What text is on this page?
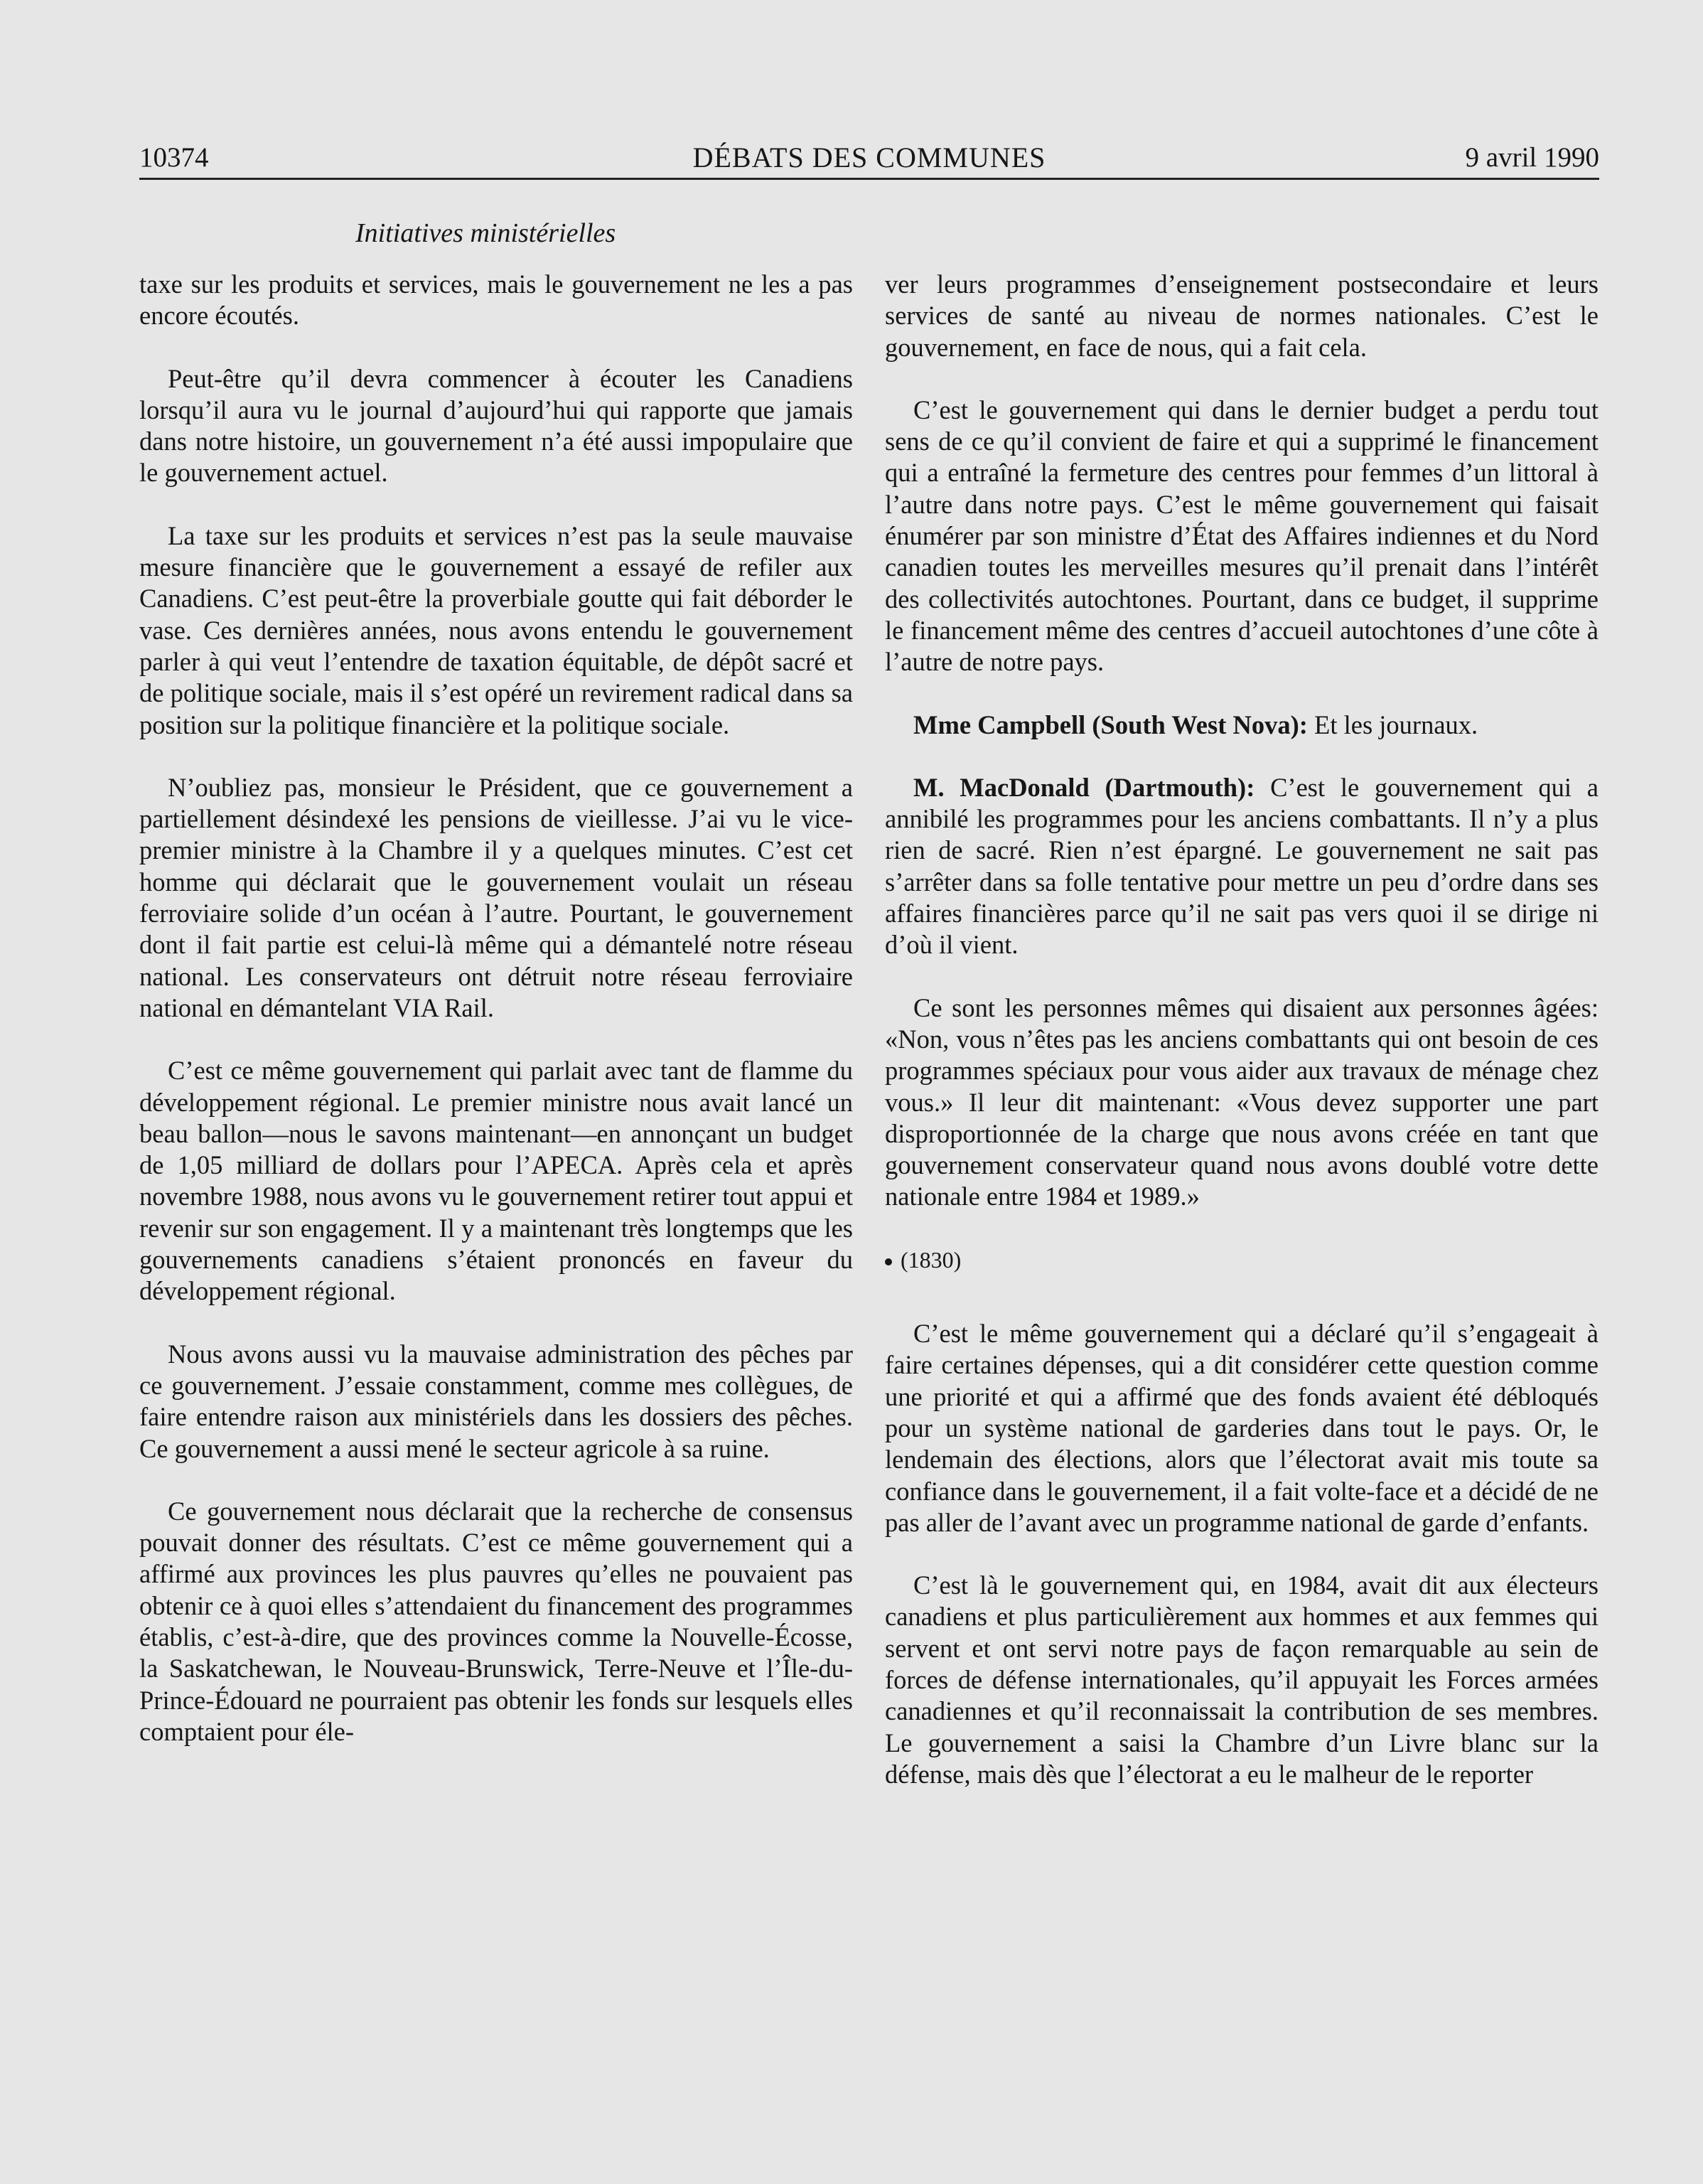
10374	DÉBATS DES COMMUNES	9 avril 1990
Initiatives ministérielles

taxe sur les produits et services, mais le gouvernement ne les a pas encore écoutés.

Peut-être qu’il devra commencer à écouter les Canadiens lorsqu’il aura vu le journal d’aujourd’hui qui rapporte que jamais dans notre histoire, un gouvernement n’a été aussi impopulaire que le gouvernement actuel.

La taxe sur les produits et services n’est pas la seule mauvaise mesure financière que le gouvernement a essayé de refiler aux Canadiens. C’est peut-être la proverbiale goutte qui fait déborder le vase. Ces dernières années, nous avons entendu le gouvernement parler à qui veut l’entendre de taxation équitable, de dépôt sacré et de politique sociale, mais il s’est opéré un revirement radical dans sa position sur la politique financière et la politique sociale.

N’oubliez pas, monsieur le Président, que ce gouvernement a partiellement désindexé les pensions de vieillesse. J’ai vu le vice-premier ministre à la Chambre il y a quelques minutes. C’est cet homme qui déclarait que le gouvernement voulait un réseau ferroviaire solide d’un océan à l’autre. Pourtant, le gouvernement dont il fait partie est celui-là même qui a démantelé notre réseau national. Les conservateurs ont détruit notre réseau ferroviaire national en démantelant VIA Rail.

C’est ce même gouvernement qui parlait avec tant de flamme du développement régional. Le premier ministre nous avait lancé un beau ballon—nous le savons maintenant—en annonçant un budget de 1,05 milliard de dollars pour l’APECA. Après cela et après novembre 1988, nous avons vu le gouvernement retirer tout appui et revenir sur son engagement. Il y a maintenant très longtemps que les gouvernements canadiens s’étaient prononcés en faveur du développement régional.

Nous avons aussi vu la mauvaise administration des pêches par ce gouvernement. J’essaie constamment, comme mes collègues, de faire entendre raison aux ministériels dans les dossiers des pêches. Ce gouvernement a aussi mené le secteur agricole à sa ruine.

Ce gouvernement nous déclarait que la recherche de consensus pouvait donner des résultats. C’est ce même gouvernement qui a affirmé aux provinces les plus pauvres qu’elles ne pouvaient pas obtenir ce à quoi elles s’attendaient du financement des programmes établis, c’est-à-dire, que des provinces comme la Nouvelle-Écosse, la Saskatchewan, le Nouveau-Brunswick, Terre-Neuve et l’Île-du-Prince-Édouard ne pourraient pas obtenir les fonds sur lesquels elles comptaient pour éle-

ver leurs programmes d’enseignement postsecondaire et leurs services de santé au niveau de normes nationales. C’est le gouvernement, en face de nous, qui a fait cela.

C’est le gouvernement qui dans le dernier budget a perdu tout sens de ce qu’il convient de faire et qui a supprimé le financement qui a entraîné la fermeture des centres pour femmes d’un littoral à l’autre dans notre pays. C’est le même gouvernement qui faisait énumérer par son ministre d’État des Affaires indiennes et du Nord canadien toutes les merveilles mesures qu’il prenait dans l’intérêt des collectivités autochtones. Pourtant, dans ce budget, il supprime le financement même des centres d’accueil autochtones d’une côte à l’autre de notre pays.

Mme Campbell (South West Nova): Et les journaux.

M. MacDonald (Dartmouth): C’est le gouvernement qui a annibilé les programmes pour les anciens combattants. Il n’y a plus rien de sacré. Rien n’est épargné. Le gouvernement ne sait pas s’arrêter dans sa folle tentative pour mettre un peu d’ordre dans ses affaires financières parce qu’il ne sait pas vers quoi il se dirige ni d’où il vient.

Ce sont les personnes mêmes qui disaient aux personnes âgées: «Non, vous n’êtes pas les anciens combattants qui ont besoin de ces programmes spéciaux pour vous aider aux travaux de ménage chez vous.» Il leur dit maintenant: «Vous devez supporter une part disproportionnée de la charge que nous avons créée en tant que gouvernement conservateur quand nous avons doublé votre dette nationale entre 1984 et 1989.»

(1830)

C’est le même gouvernement qui a déclaré qu’il s’engageait à faire certaines dépenses, qui a dit considérer cette question comme une priorité et qui a affirmé que des fonds avaient été débloqués pour un système national de garderies dans tout le pays. Or, le lendemain des élections, alors que l’électorat avait mis toute sa confiance dans le gouvernement, il a fait volte-face et a décidé de ne pas aller de l’avant avec un programme national de garde d’enfants.

C’est là le gouvernement qui, en 1984, avait dit aux électeurs canadiens et plus particulièrement aux hommes et aux femmes qui servent et ont servi notre pays de façon remarquable au sein de forces de défense internationales, qu’il appuyait les Forces armées canadiennes et qu’il reconnaissait la contribution de ses membres. Le gouvernement a saisi la Chambre d’un Livre blanc sur la défense, mais dès que l’électorat a eu le malheur de le reporter
